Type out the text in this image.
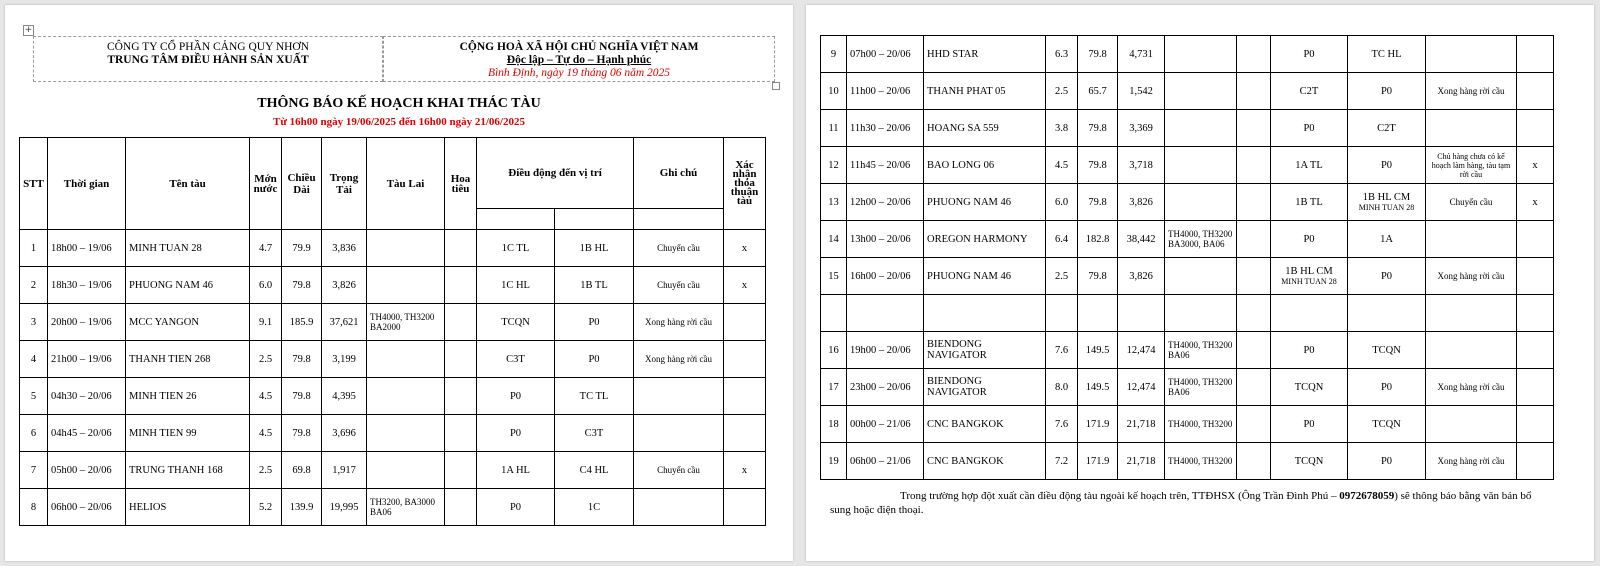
+
CÔNG TY CỔ PHẦN CẢNG QUY NHƠN
TRUNG TÂM ĐIỀU HÀNH SẢN XUẤT
CỘNG HOÀ XÃ HỘI CHỦ NGHĨA VIỆT NAM
Độc lập – Tự do – Hạnh phúc
Bình Định, ngày 19 tháng 06 năm 2025
THÔNG BÁO KẾ HOẠCH KHAI THÁC TÀU
Từ 16h00 ngày 19/06/2025 đến 16h00 ngày 21/06/2025
STT	Thời gian	Tên tàu	Mớn nước	Chiều Dài	Trọng Tải	Tàu Lai	Hoa tiêu	Điều động đến vị trí		Ghi chú	Xác nhận thỏa thuận tàu

1	18h00 – 19/06	MINH TUAN 28	4.7	79.9	3,836			1C TL	1B HL	Chuyển cầu	x
2	18h30 – 19/06	PHUONG NAM 46	6.0	79.8	3,826			1C HL	1B TL	Chuyển cầu	x
3	20h00 – 19/06	MCC YANGON	9.1	185.9	37,621	TH4000, TH3200 BA2000		TCQN	P0	Xong hàng rời cầu	
4	21h00 – 19/06	THANH TIEN 268	2.5	79.8	3,199			C3T	P0	Xong hàng rời cầu	
5	04h30 – 20/06	MINH TIEN 26	4.5	79.8	4,395			P0	TC TL		

6	04h45 – 20/06	MINH TIEN 99	4.5	79.8	3,696			P0	C3T		

7	05h00 – 20/06	TRUNG THANH 168	2.5	69.8	1,917			1A HL	C4 HL	Chuyển cầu	x
8	06h00 – 20/06	HELIOS	5.2	139.9	19,995	TH3200, BA3000 BA06		P0	1C		

9	07h00 – 20/06	HHD STAR	6.3	79.8	4,731			P0	TC HL		

10	11h00 – 20/06	THANH PHAT 05	2.5	65.7	1,542			C2T	P0	Xong hàng rời cầu	
11	11h30 – 20/06	HOANG SA 559	3.8	79.8	3,369			P0	C2T		

12	11h45 – 20/06	BAO LONG 06	4.5	79.8	3,718			1A TL	P0	Chủ hàng chưa có kế hoạch làm hàng, tàu tạm rời cầu	x
13	12h00 – 20/06	PHUONG NAM 46	6.0	79.8	3,826			1B TL	1B HL CM
MINH TUAN 28	Chuyển cầu	x
14	13h00 – 20/06	OREGON HARMONY	6.4	182.8	38,442	TH4000, TH3200 BA3000, BA06		P0	1A		

15	16h00 – 20/06	PHUONG NAM 46	2.5	79.8	3,826			1B HL CM
MINH TUAN 28	P0	Xong hàng rời cầu	

16	19h00 – 20/06	BIENDONG NAVIGATOR	7.6	149.5	12,474	TH4000, TH3200 BA06		P0	TCQN		

17	23h00 – 20/06	BIENDONG NAVIGATOR	8.0	149.5	12,474	TH4000, TH3200 BA06		TCQN	P0	Xong hàng rời cầu	
18	00h00 – 21/06	CNC BANGKOK	7.6	171.9	21,718	TH4000, TH3200		P0	TCQN		

19	06h00 – 21/06	CNC BANGKOK	7.2	171.9	21,718	TH4000, TH3200		TCQN	P0	Xong hàng rời cầu	
Trong trường hợp đột xuất cần điều động tàu ngoài kế hoạch trên, TTĐHSX (Ông Trần Đình Phú – 0972678059) sẽ thông báo bằng văn bản bổ sung hoặc điện thoại.
